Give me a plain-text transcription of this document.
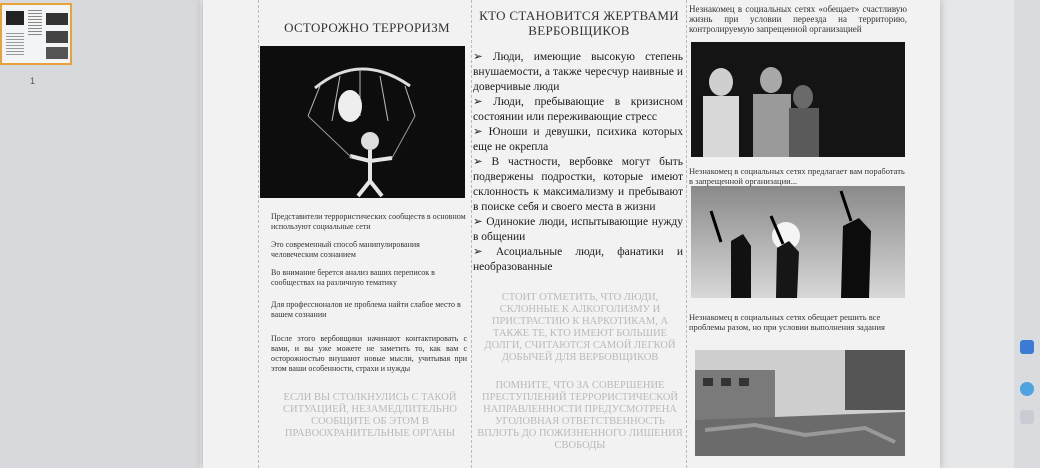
1
ОСТОРОЖНО ТЕРРОРИЗМ
Представители террористических сообществ в основном используют социальные сети
Это современный способ манипулирования человеческим сознанием
Во внимание берется анализ ваших переписок в сообществах на различную тематику
Для профессионалов не проблема найти слабое место в вашем сознании
После этого вербовщики начинают контактировать с вами, и вы уже можете не заметить то, как вам с осторожностью внушают новые мысли, учитывая при этом ваши особенности, страхи и нужды
ЕСЛИ ВЫ СТОЛКНУЛИСЬ С ТАКОЙ СИТУАЦИЕЙ, НЕЗАМЕДЛИТЕЛЬНО СООБЩИТЕ ОБ ЭТОМ В ПРАВООХРАНИТЕЛЬНЫЕ ОРГАНЫ
КТО СТАНОВИТСЯ ЖЕРТВАМИ ВЕРБОВЩИКОВ

➢ Люди, имеющие высокую степень внушаемости, а также чересчур наивные и доверчивые люди

➢ Люди, пребывающие в кризисном состоянии или переживающие стресс

➢ Юноши и девушки, психика которых еще не окрепла

➢ В частности, вербовке могут быть подвержены подростки, которые имеют склонность к максимализму и пребывают в поиске себя и своего места в жизни

➢ Одинокие люди, испытывающие нужду в общении

➢ Асоциальные люди, фанатики и необразованные

СТОИТ ОТМЕТИТЬ, ЧТО ЛЮДИ, СКЛОННЫЕ К АЛКОГОЛИЗМУ И ПРИСТРАСТИЮ К НАРКОТИКАМ, А ТАКЖЕ ТЕ, КТО ИМЕЮТ БОЛЬШИЕ ДОЛГИ, СЧИТАЮТСЯ САМОЙ ЛЕГКОЙ ДОБЫЧЕЙ ДЛЯ ВЕРБОВЩИКОВ
ПОМНИТЕ, ЧТО ЗА СОВЕРШЕНИЕ ПРЕСТУПЛЕНИЙ ТЕРРОРИСТИЧЕСКОЙ НАПРАВЛЕННОСТИ ПРЕДУСМОТРЕНА УГОЛОВНАЯ ОТВЕТСТВЕННОСТЬ ВПЛОТЬ ДО ПОЖИЗНЕННОГО ЛИШЕНИЯ СВОБОДЫ
Незнакомец в социальных сетях «обещает» счастливую жизнь при условии переезда на территорию, контролируемую запрещенной организацией
Незнакомец в социальных сетях предлагает вам поработать в запрещенной организации...
Незнакомец в социальных сетях обещает решить все проблемы разом, но при условии выполнения задания
